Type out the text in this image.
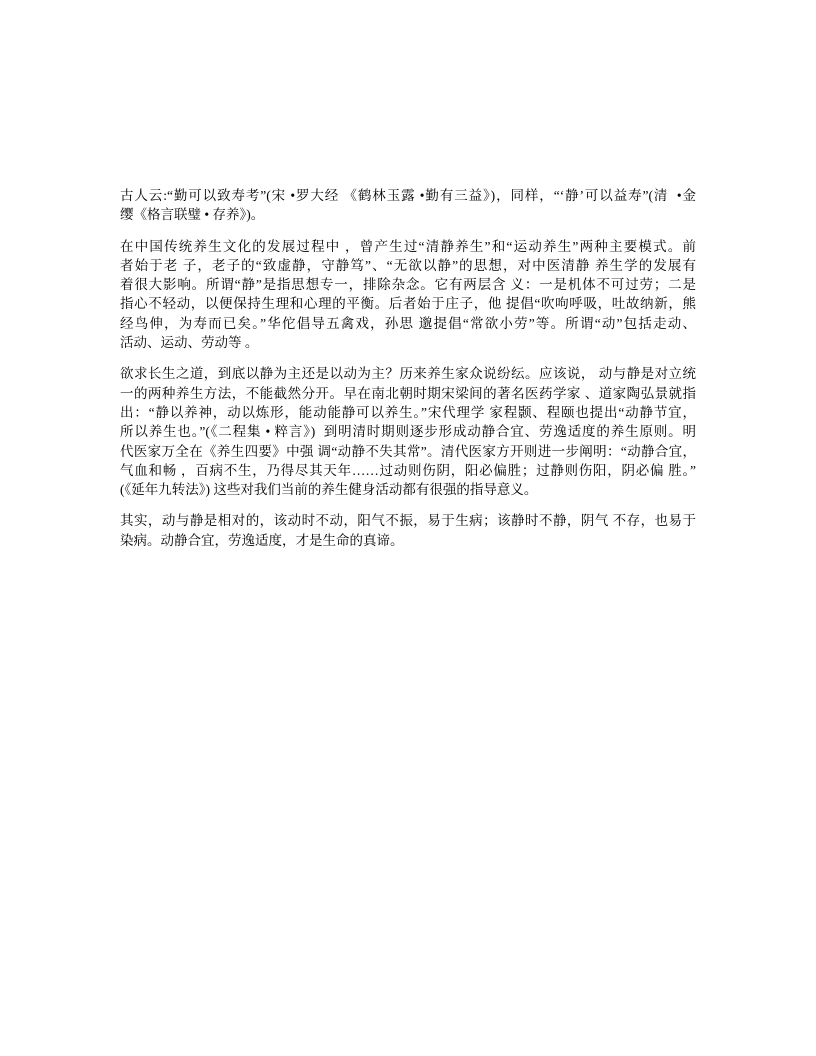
古人云:“勤可以致寿考”(宋 •罗大经 《鹤林玉露 •勤有三益》)，同样，“‘静’可以益寿”(清  •金
缨《格言联璧 • 存养》)。

在中国传统养生文化的发展过程中 ，曾产生过“清静养生”和“运动养生”两种主要模式。前
者始于老 子，老子的“致虚静，守静笃”、“无欲以静”的思想，对中医清静 养生学的发展有
着很大影响。所谓“静”是指思想专一，排除杂念。它有两层含 义：一是机体不可过劳；二是
指心不轻动，以便保持生理和心理的平衡。后者始于庄子，他 提倡“吹呴呼吸，吐故纳新，熊
经鸟伸，为寿而已矣。”华佗倡导五禽戏，孙思 邈提倡“常欲小劳”等。所谓“动”包括走动、
活动、运动、劳动等 。

欲求长生之道，到底以静为主还是以动为主？历来养生家众说纷纭。应该说， 动与静是对立统
一的两种养生方法，不能截然分开。早在南北朝时期宋梁间的著名医药学家 、道家陶弘景就指
出：“静以养神，动以炼形，能动能静可以养生。”宋代理学 家程颢、程颐也提出“动静节宜，
所以养生也。”(《二程集 • 粹言》)  到明清时期则逐步形成动静合宜、劳逸适度的养生原则。明
代医家万全在《养生四要》中强 调“动静不失其常”。清代医家方开则进一步阐明：“动静合宜，
气血和畅 ，百病不生，乃得尽其天年……过动则伤阴，阳必偏胜；过静则伤阳，阴必偏 胜。”
(《延年九转法》) 这些对我们当前的养生健身活动都有很强的指导意义。

其实，动与静是相对的，该动时不动，阳气不振，易于生病；该静时不静，阴气 不存，也易于
染病。动静合宜，劳逸适度，才是生命的真谛。
